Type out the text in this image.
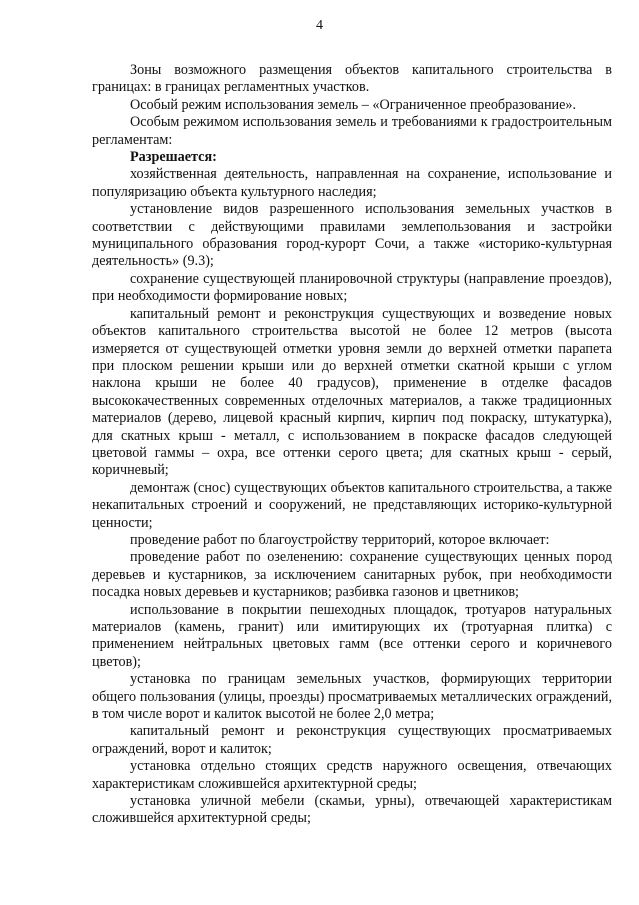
4

Зоны возможного размещения объектов капитального строительства в границах: в границах регламентных участков.

Особый режим использования земель – «Ограниченное преобразование».

Особым режимом использования земель и требованиями к градостроительным регламентам:

Разрешается:

хозяйственная деятельность, направленная на сохранение, использование и популяризацию объекта культурного наследия;

установление видов разрешенного использования земельных участков в соответствии с действующими правилами землепользования и застройки муниципального образования город-курорт Сочи, а также «историко-культурная деятельность» (9.3);

сохранение существующей планировочной структуры (направление проездов), при необходимости формирование новых;

капитальный ремонт и реконструкция существующих и возведение новых объектов капитального строительства высотой не более 12 метров (высота измеряется от существующей отметки уровня земли до верхней отметки парапета при плоском решении крыши или до верхней отметки скатной крыши с углом наклона крыши не более 40 градусов), применение в отделке фасадов высококачественных современных отделочных материалов, а также традиционных материалов (дерево, лицевой красный кирпич, кирпич под покраску, штукатурка), для скатных крыш - металл, с использованием в покраске фасадов следующей цветовой гаммы – охра, все оттенки серого цвета; для скатных крыш - серый, коричневый;

демонтаж (снос) существующих объектов капитального строительства, а также некапитальных строений и сооружений, не представляющих историко-культурной ценности;

проведение работ по благоустройству территорий, которое включает:

проведение работ по озеленению: сохранение существующих ценных пород деревьев и кустарников, за исключением санитарных рубок, при необходимости посадка новых деревьев и кустарников; разбивка газонов и цветников;

использование в покрытии пешеходных площадок, тротуаров натуральных материалов (камень, гранит) или имитирующих их (тротуарная плитка) с применением нейтральных цветовых гамм (все оттенки серого и коричневого цветов);

установка по границам земельных участков, формирующих территории общего пользования (улицы, проезды) просматриваемых металлических ограждений, в том числе ворот и калиток высотой не более 2,0 метра;

капитальный ремонт и реконструкция существующих просматриваемых ограждений, ворот и калиток;

установка отдельно стоящих средств наружного освещения, отвечающих характеристикам сложившейся архитектурной среды;

установка уличной мебели (скамьи, урны), отвечающей характеристикам сложившейся архитектурной среды;
